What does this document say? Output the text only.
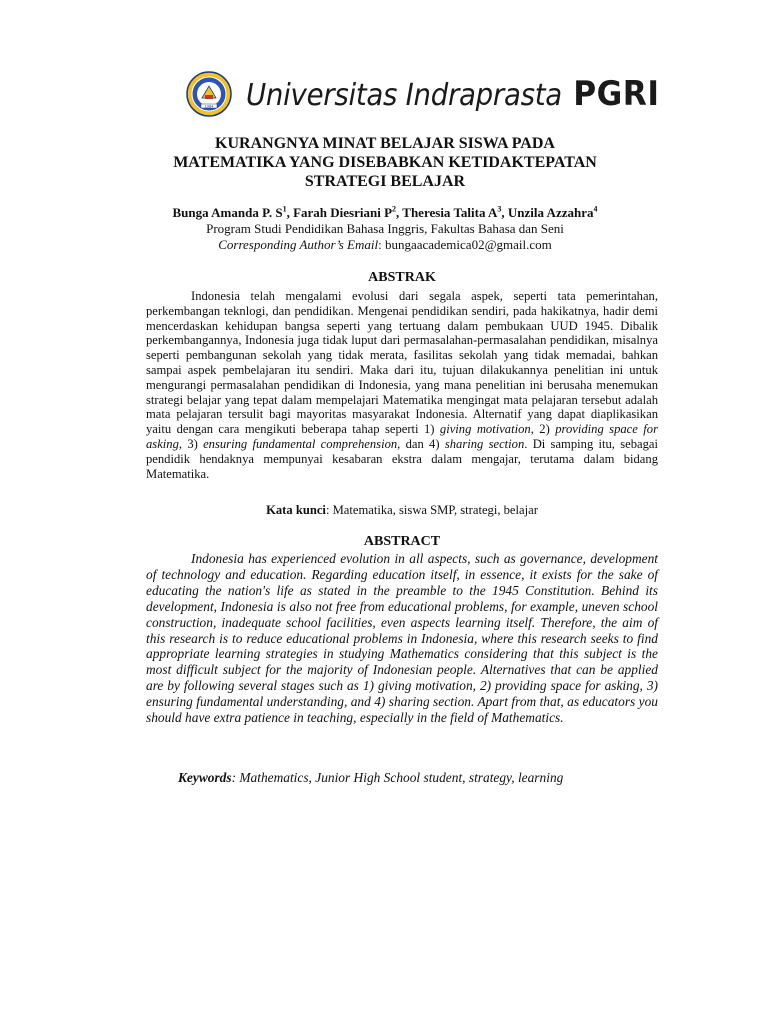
1984 Universitas Indraprasta PGRI
KURANGNYA MINAT BELAJAR SISWA PADA
MATEMATIKA YANG DISEBABKAN KETIDAKTEPATAN
STRATEGI BELAJAR
Bunga Amanda P. $S^1$, Farah Diesriani $P^2$, Theresia Talita $A^3$, Unzila Azzahra$^4$
Program Studi Pendidikan Bahasa Inggris, Fakultas Bahasa dan Seni
Corresponding Author’s Email: bungaacademica02@gmail.com
ABSTRAK

Indonesia telah mengalami evolusi dari segala aspek, seperti tata pemerintahan, perkembangan teknlogi, dan pendidikan. Mengenai pendidikan sendiri, pada hakikatnya, hadir demi mencerdaskan kehidupan bangsa seperti yang tertuang dalam pembukaan UUD 1945. Dibalik perkembangannya, Indonesia juga tidak luput dari permasalahan-permasalahan pendidikan, misalnya seperti pembangunan sekolah yang tidak merata, fasilitas sekolah yang tidak memadai, bahkan sampai aspek pembelajaran itu sendiri. Maka dari itu, tujuan dilakukannya penelitian ini untuk mengurangi permasalahan pendidikan di Indonesia, yang mana penelitian ini berusaha menemukan strategi belajar yang tepat dalam mempelajari Matematika mengingat mata pelajaran tersebut adalah mata pelajaran tersulit bagi mayoritas masyarakat Indonesia. Alternatif yang dapat diaplikasikan yaitu dengan cara mengikuti beberapa tahap seperti 1) giving motivation, 2) providing space for asking, 3) ensuring fundamental comprehension, dan 4) sharing section. Di samping itu, sebagai pendidik hendaknya mempunyai kesabaran ekstra dalam mengajar, terutama dalam bidang Matematika.

Kata kunci: Matematika, siswa SMP, strategi, belajar

ABSTRACT

Indonesia has experienced evolution in all aspects, such as governance, development of technology and education. Regarding education itself, in essence, it exists for the sake of educating the nation's life as stated in the preamble to the 1945 Constitution. Behind its development, Indonesia is also not free from educational problems, for example, uneven school construction, inadequate school facilities, even aspects learning itself. Therefore, the aim of this research is to reduce educational problems in Indonesia, where this research seeks to find appropriate learning strategies in studying Mathematics considering that this subject is the most difficult subject for the majority of Indonesian people. Alternatives that can be applied are by following several stages such as 1) giving motivation, 2) providing space for asking, 3) ensuring fundamental understanding, and 4) sharing section. Apart from that, as educators you should have extra patience in teaching, especially in the field of Mathematics.

Keywords: Mathematics, Junior High School student, strategy, learning
